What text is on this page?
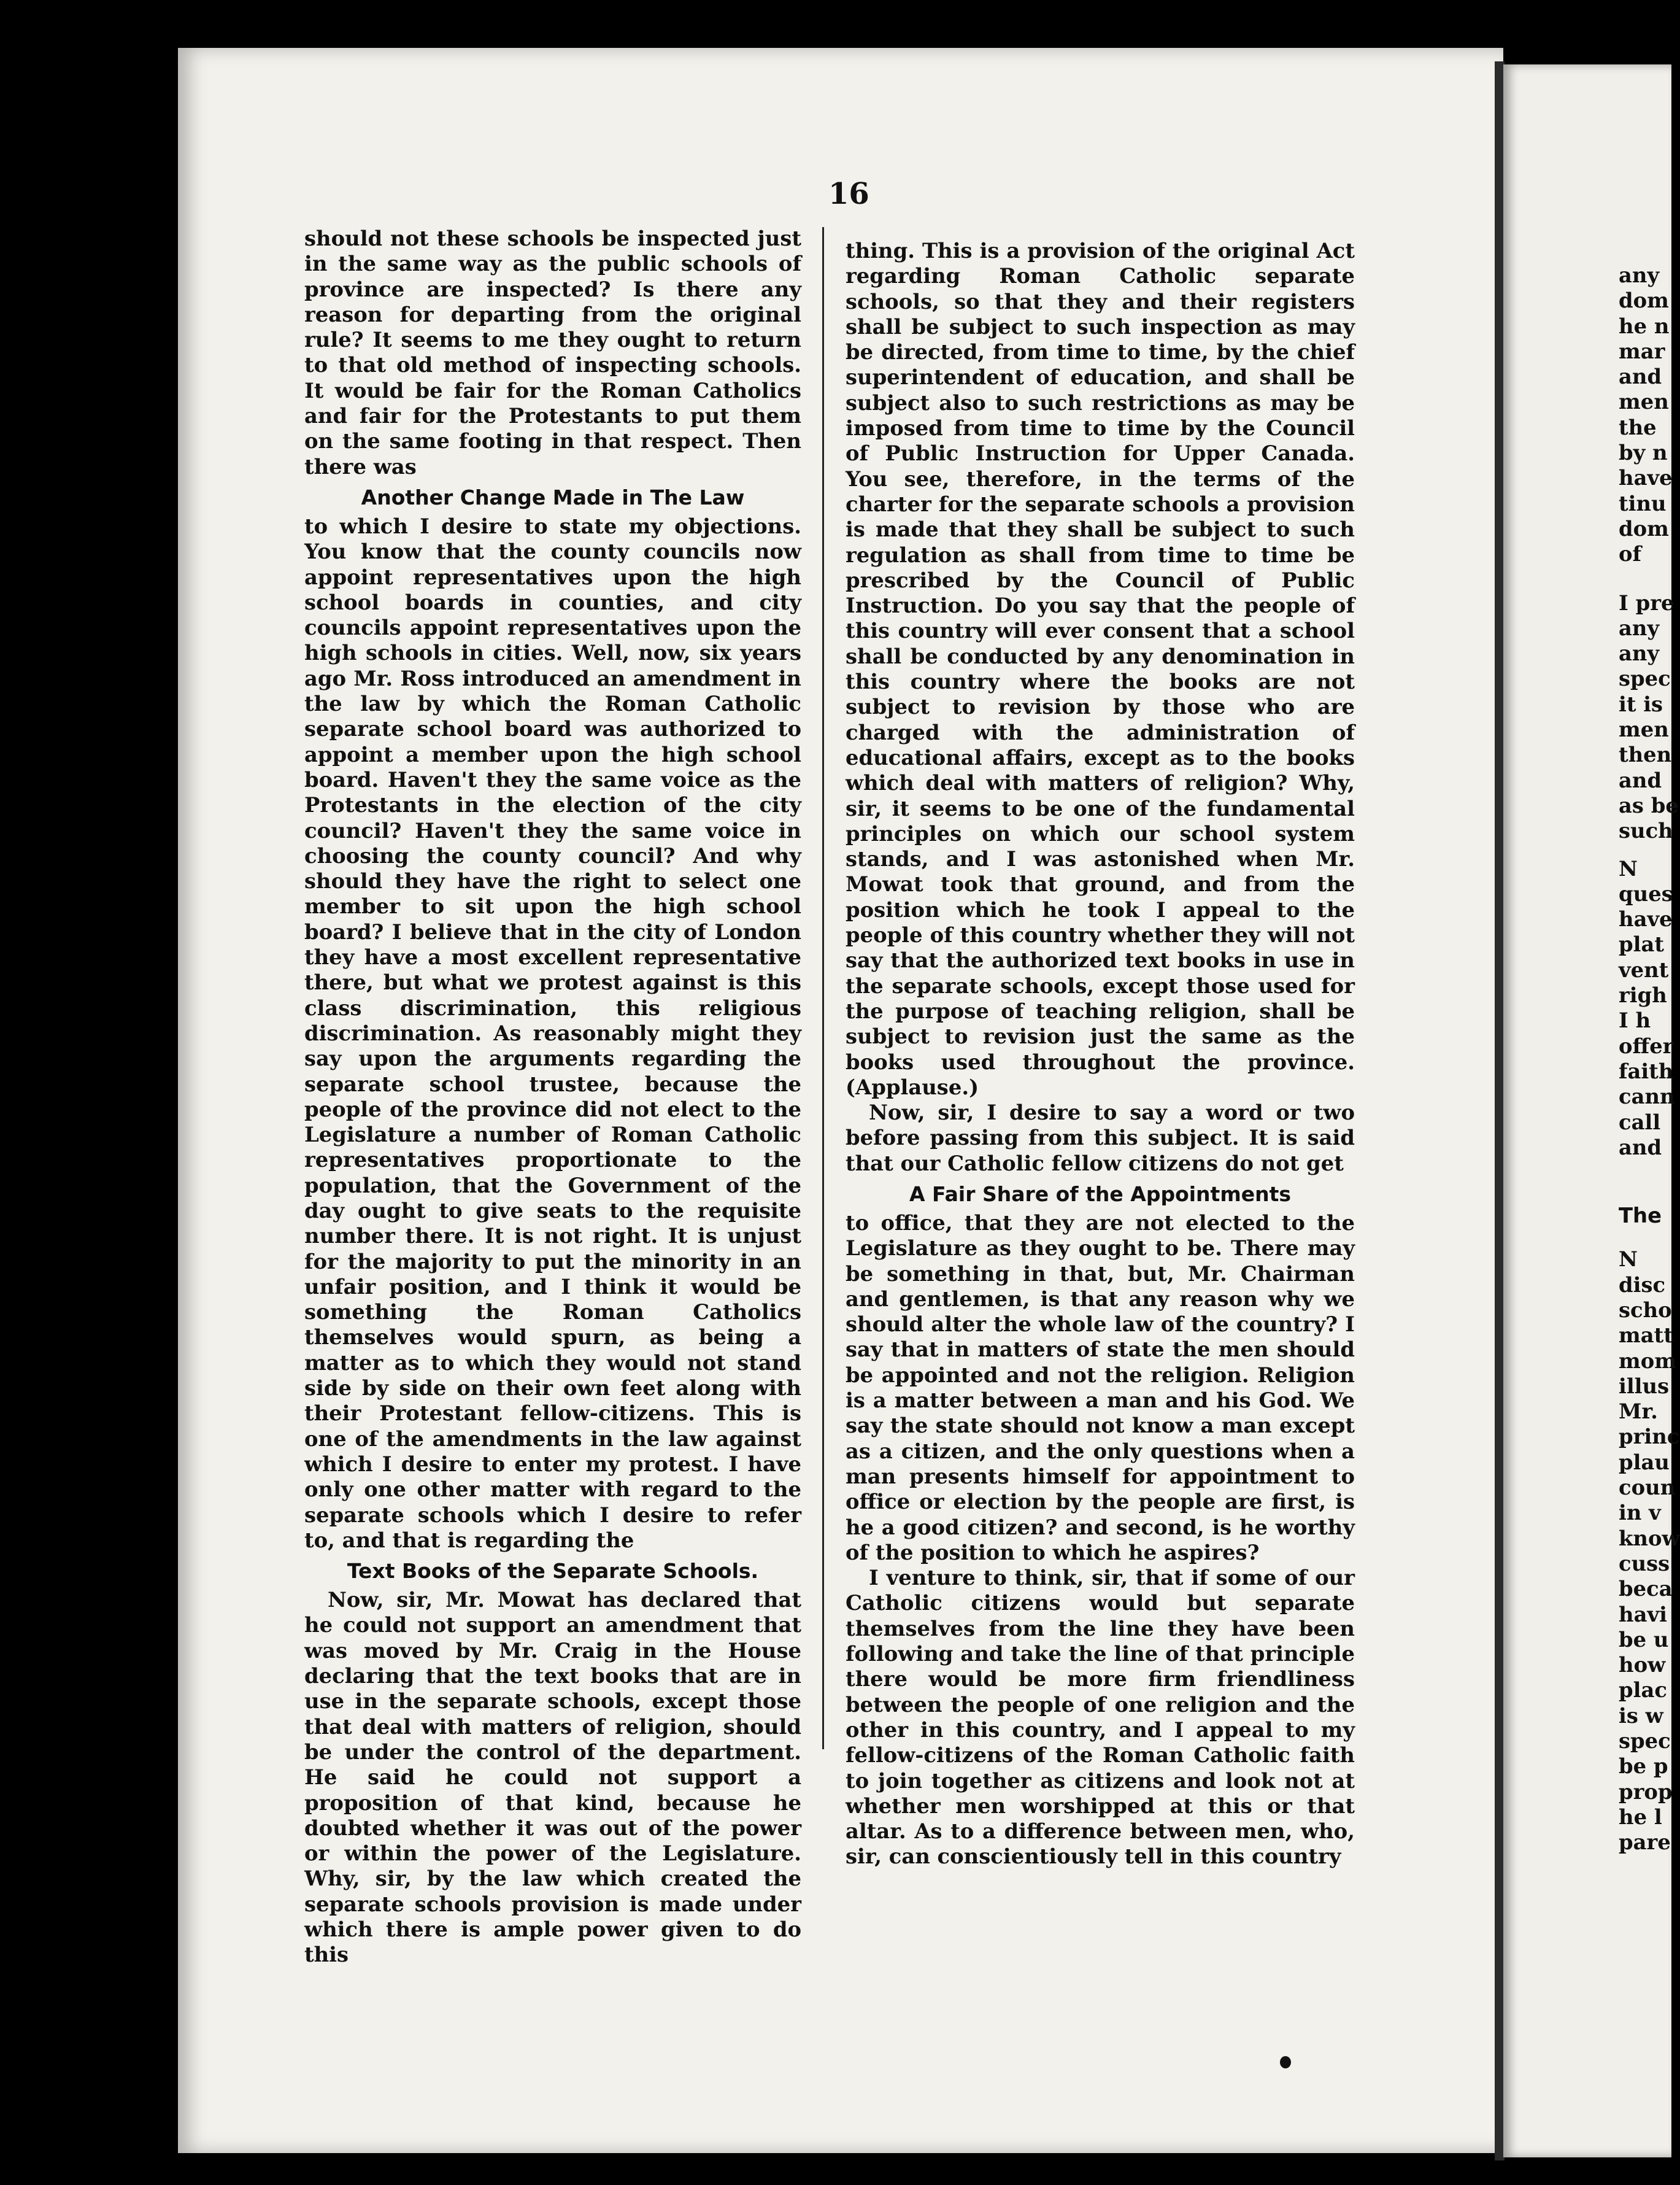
16

should not these schools be inspected just in the same way as the public schools of province are inspected? Is there any reason for departing from the original rule? It seems to me they ought to return to that old method of inspecting schools. It would be fair for the Roman Catholics and fair for the Protestants to put them on the same footing in that respect. Then there was

Another Change Made in The Law

to which I desire to state my objections. You know that the county councils now appoint representatives upon the high school boards in counties, and city councils appoint representatives upon the high schools in cities. Well, now, six years ago Mr. Ross introduced an amendment in the law by which the Roman Catholic separate school board was authorized to appoint a member upon the high school board. Haven't they the same voice as the Protestants in the election of the city council? Haven't they the same voice in choosing the county council? And why should they have the right to select one member to sit upon the high school board? I believe that in the city of London they have a most excellent representative there, but what we protest against is this class discrimination, this religious discrimination. As reasonably might they say upon the arguments regarding the separate school trustee, because the people of the province did not elect to the Legislature a number of Roman Catholic representatives proportionate to the population, that the Government of the day ought to give seats to the requisite number there. It is not right. It is unjust for the majority to put the minority in an unfair position, and I think it would be something the Roman Catholics themselves would spurn, as being a matter as to which they would not stand side by side on their own feet along with their Protestant fellow-citizens. This is one of the amendments in the law against which I desire to enter my protest. I have only one other matter with regard to the separate schools which I desire to refer to, and that is regarding the

Text Books of the Separate Schools.

Now, sir, Mr. Mowat has declared that he could not support an amendment that was moved by Mr. Craig in the House declaring that the text books that are in use in the separate schools, except those that deal with matters of religion, should be under the control of the department. He said he could not support a proposition of that kind, because he doubted whether it was out of the power or within the power of the Legislature. Why, sir, by the law which created the separate schools provision is made under which there is ample power given to do this

thing. This is a provision of the original Act regarding Roman Catholic separate schools, so that they and their registers shall be subject to such inspection as may be directed, from time to time, by the chief superintendent of education, and shall be subject also to such restrictions as may be imposed from time to time by the Council of Public Instruction for Upper Canada. You see, therefore, in the terms of the charter for the separate schools a provision is made that they shall be subject to such regulation as shall from time to time be prescribed by the Council of Public Instruction. Do you say that the people of this country will ever consent that a school shall be conducted by any denomination in this country where the books are not subject to revision by those who are charged with the administration of educational affairs, except as to the books which deal with matters of religion? Why, sir, it seems to be one of the fundamental principles on which our school system stands, and I was astonished when Mr. Mowat took that ground, and from the position which he took I appeal to the people of this country whether they will not say that the authorized text books in use in the separate schools, except those used for the purpose of teaching religion, shall be subject to revision just the same as the books used throughout the province. (Applause.)

Now, sir, I desire to say a word or two before passing from this subject. It is said that our Catholic fellow citizens do not get

A Fair Share of the Appointments

to office, that they are not elected to the Legislature as they ought to be. There may be something in that, but, Mr. Chairman and gentlemen, is that any reason why we should alter the whole law of the country? I say that in matters of state the men should be appointed and not the religion. Religion is a matter between a man and his God. We say the state should not know a man except as a citizen, and the only questions when a man presents himself for appointment to office or election by the people are first, is he a good citizen? and second, is he worthy of the position to which he aspires?

I venture to think, sir, that if some of our Catholic citizens would but separate themselves from the line they have been following and take the line of that principle there would be more firm friendliness between the people of one religion and the other in this country, and I appeal to my fellow-citizens of the Roman Catholic faith to join together as citizens and look not at whether men worshipped at this or that altar. As to a difference between men, who, sir, can conscientiously tell in this country

any
dom
he n
mar
and
men
the
by n
have
tinu
dom
of
I pre
any
any
spec
it is
men
then
and
as be
such
N
ques
have
plat
vent
righ
I h
offer
faith
cann
call
and
The
N
disc
scho
matt
mom
illus
Mr.
princ
plau
coun
in v
know
cuss
beca
havi
be u
how
plac
is w
spec
be p
prop
he l
pare
